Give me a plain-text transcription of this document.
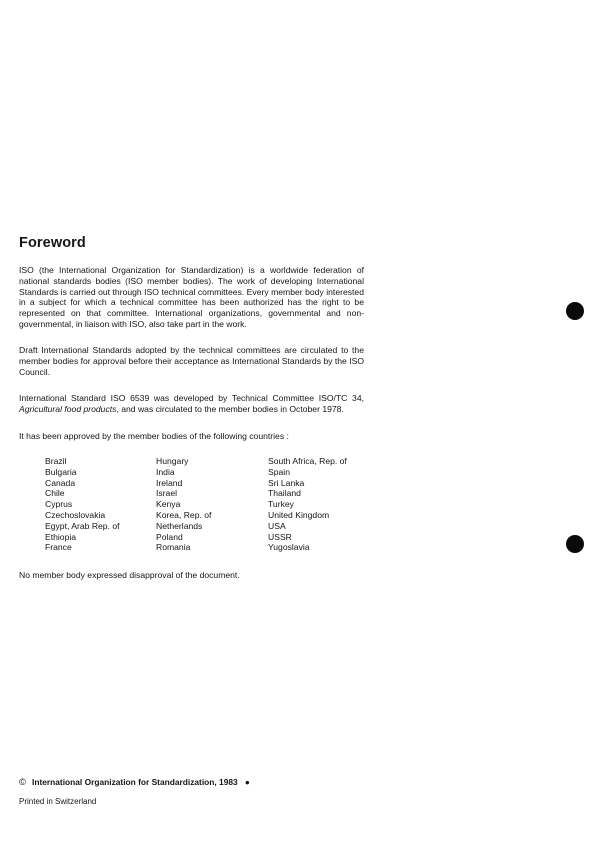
Foreword

ISO (the International Organization for Standardization) is a worldwide federation of national standards bodies (ISO member bodies). The work of developing International Standards is carried out through ISO technical committees. Every member body interested in a subject for which a technical committee has been authorized has the right to be represented on that committee. International organizations, governmental and non-governmental, in liaison with ISO, also take part in the work.

Draft International Standards adopted by the technical committees are circulated to the member bodies for approval before their acceptance as International Standards by the ISO Council.

International Standard ISO 6539 was developed by Technical Committee ISO/TC 34, Agricultural food products, and was circulated to the member bodies in October 1978.

It has been approved by the member bodies of the following countries :

Brazil
Bulgaria
Canada
Chile
Cyprus
Czechoslovakia
Egypt, Arab Rep. of
Ethiopia
France
Hungary
India
Ireland
Israel
Kenya
Korea, Rep. of
Netherlands
Poland
Romania
South Africa, Rep. of
Spain
Sri Lanka
Thailand
Turkey
United Kingdom
USA
USSR
Yugoslavia

No member body expressed disapproval of the document.

© International Organization for Standardization, 1983 ●
Printed in Switzerland
